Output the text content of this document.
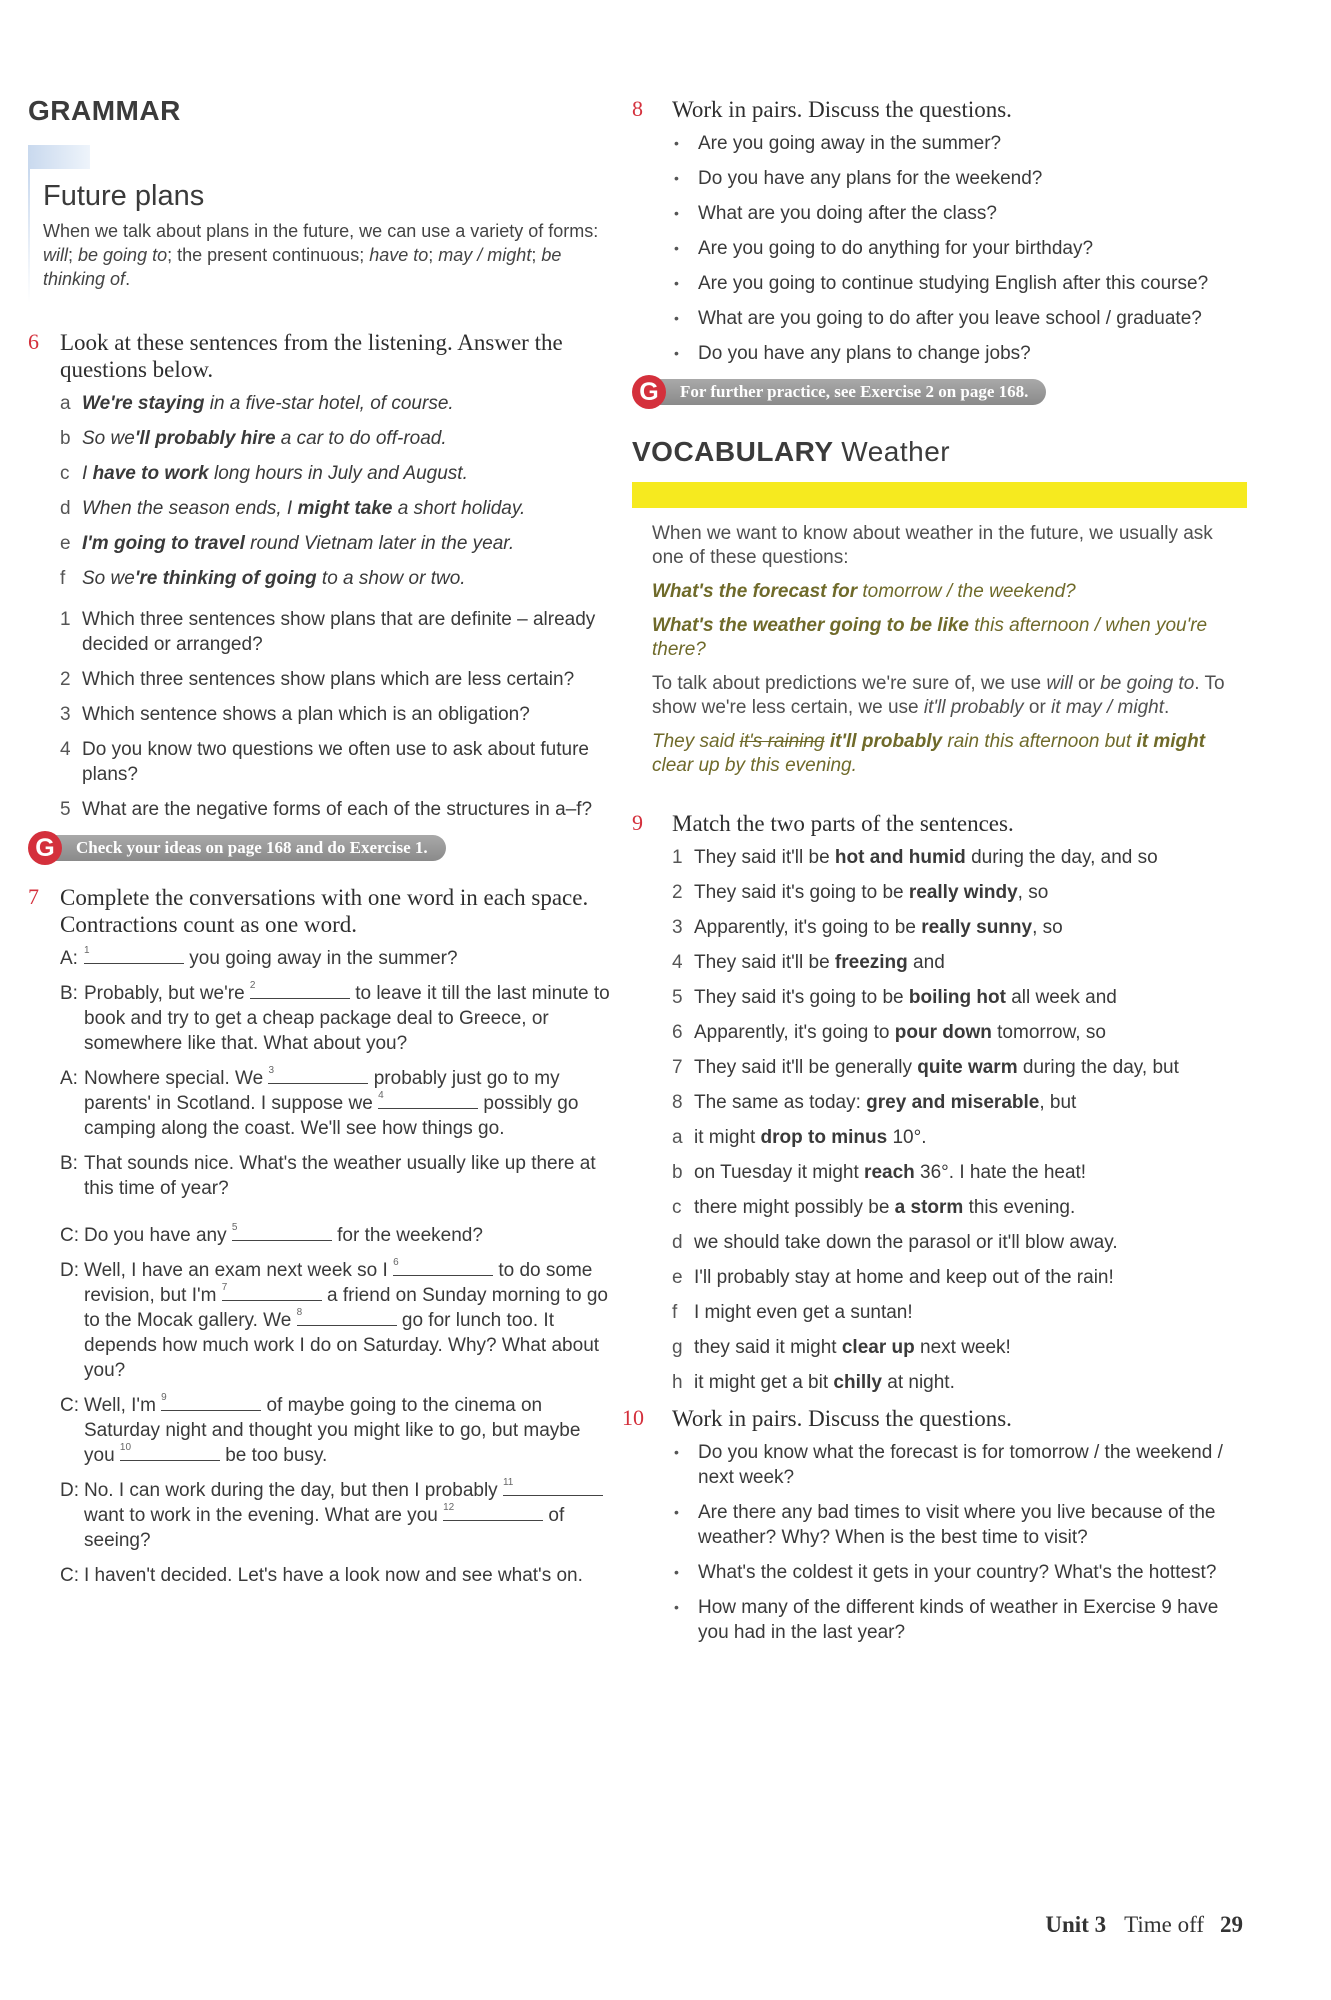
GRAMMAR
Future plans

When we talk about plans in the future, we can use a variety of forms: will; be going to; the present continuous; have to; may / might; be thinking of.

6 Look at these sentences from the listening. Answer the questions below.
a We're staying in a five-star hotel, of course.
b So we'll probably hire a car to do off-road.
c I have to work long hours in July and August.
d When the season ends, I might take a short holiday.
e I'm going to travel round Vietnam later in the year.
f So we're thinking of going to a show or two.
1 Which three sentences show plans that are definite – already decided or arranged?
2 Which three sentences show plans which are less certain?
3 Which sentence shows a plan which is an obligation?
4 Do you know two questions we often use to ask about future plans?
5 What are the negative forms of each of the structures in a–f?
G	Check your ideas on page 168 and do Exercise 1.
7 Complete the conversations with one word in each space. Contractions count as one word.
A: 1	you going away in the summer?
B: Probably, but we're 2	to leave it till the last minute to book and try to get a cheap package deal to Greece, or somewhere like that. What about you?
A: Nowhere special. We 3	probably just go to my parents' in Scotland. I suppose we 4	possibly go camping along the coast. We'll see how things go.
B: That sounds nice. What's the weather usually like up there at this time of year?
C: Do you have any 5	for the weekend?
D: Well, I have an exam next week so I 6	to do some revision, but I'm 7	a friend on Sunday morning to go to the Mocak gallery. We 8	go for lunch too. It depends how much work I do on Saturday. Why? What about you?
C: Well, I'm 9	of maybe going to the cinema on Saturday night and thought you might like to go, but maybe you 10	be too busy.
D: No. I can work during the day, but then I probably 11
want to work in the evening. What are you 12	of seeing?
C: I haven't decided. Let's have a look now and see what's on.
8 Work in pairs. Discuss the questions.
• Are you going away in the summer?
• Do you have any plans for the weekend?
• What are you doing after the class?
• Are you going to do anything for your birthday?
• Are you going to continue studying English after this course?
• What are you going to do after you leave school / graduate?
• Do you have any plans to change jobs?
G	For further practice, see Exercise 2 on page 168.
VOCABULARY Weather

When we want to know about weather in the future, we usually ask one of these questions:

What's the forecast for tomorrow / the weekend?

What's the weather going to be like this afternoon / when you're there?

To talk about predictions we're sure of, we use will or be going to. To show we're less certain, we use it'll probably or it may / might.

They said it's raining it'll probably rain this afternoon but it might clear up by this evening.

9 Match the two parts of the sentences.
1 They said it'll be hot and humid during the day, and so
2 They said it's going to be really windy, so
3 Apparently, it's going to be really sunny, so
4 They said it'll be freezing and
5 They said it's going to be boiling hot all week and
6 Apparently, it's going to pour down tomorrow, so
7 They said it'll be generally quite warm during the day, but
8 The same as today: grey and miserable, but
a it might drop to minus 10°.
b on Tuesday it might reach 36°. I hate the heat!
c there might possibly be a storm this evening.
d we should take down the parasol or it'll blow away.
e I'll probably stay at home and keep out of the rain!
f I might even get a suntan!
g they said it might clear up next week!
h it might get a bit chilly at night.
10 Work in pairs. Discuss the questions.
• Do you know what the forecast is for tomorrow / the weekend / next week?
• Are there any bad times to visit where you live because of the weather? Why? When is the best time to visit?
• What's the coldest it gets in your country? What's the hottest?
• How many of the different kinds of weather in Exercise 9 have you had in the last year?
Unit 3 Time off 29
